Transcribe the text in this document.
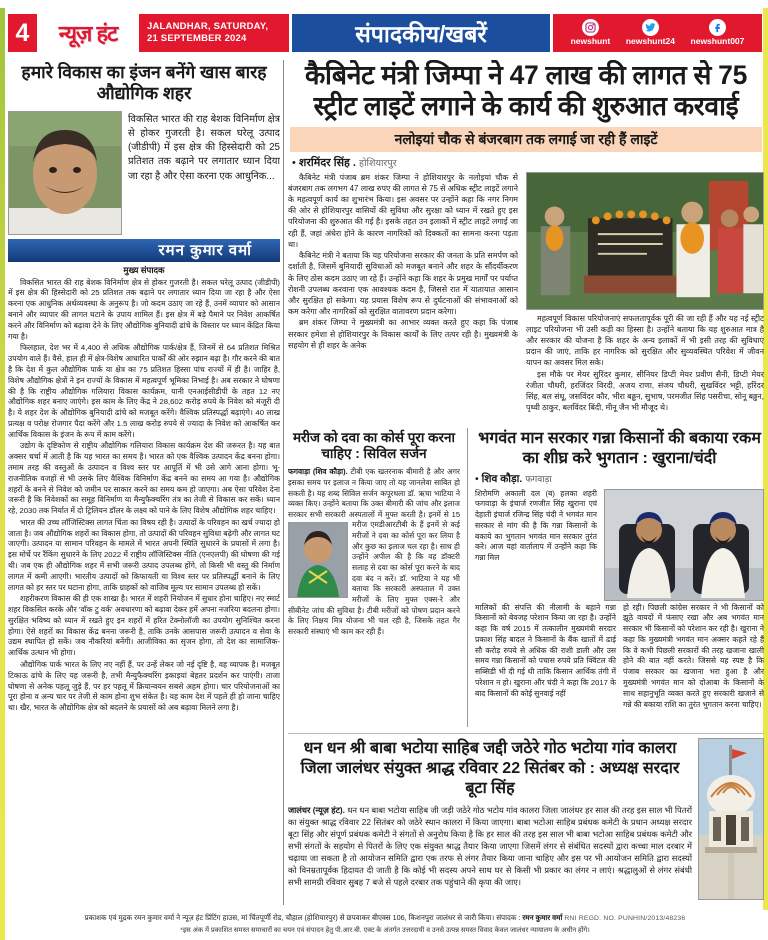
4	न्यूज़ हंट	JALANDHAR, SATURDAY,
21 SEPTEMBER 2024	संपादकीय/खबरें	newshunt newshunt24 newshunt007
हमारे विकास का इंजन बनेंगे खास बारह औद्योगिक शहर
विकसित भारत की राह बेशक विनिर्माण क्षेत्र से होकर गुजरती है। सकल घरेलू उत्पाद (जीडीपी) में इस क्षेत्र की हिस्सेदारी को 25 प्रतिशत तक बढ़ाने पर लगातार ध्यान दिया जा रहा है और ऐसा करना एक आधुनिक...
रमन कुमार वर्मा
मुख्य संपादक

विकसित भारत की राह बेशक विनिर्माण क्षेत्र से होकर गुजरती है। सकल घरेलू उत्पाद (जीडीपी) में इस क्षेत्र की हिस्सेदारी को 25 प्रतिशत तक बढ़ाने पर लगातार ध्यान दिया जा रहा है और ऐसा करना एक आधुनिक अर्थव्यवस्था के अनुरूप है। जो कदम उठाए जा रहे हैं, उनमें व्यापार को आसान बनाने और व्यापार की लागत घटाने के उपाय शामिल हैं। इस क्षेत्र में बड़े पैमाने पर निवेश आकर्षित करने और विनिर्माण को बढ़ावा देने के लिए औद्योगिक बुनियादी ढांचे के विस्तार पर ध्यान केंद्रित किया गया है।

फिलहाल, देश भर में 4,400 से अधिक औद्योगिक पार्क/क्षेत्र हैं, जिनमें से 64 प्रतिशत मिश्रित उपयोग वाले हैं। वैसे, हाल ही में क्षेत्र-विशेष आधारित पार्कों की ओर रुझान बढ़ा है। गौर करने की बात है कि देश में कुल औद्योगिक पार्क या क्षेत्र का 75 प्रतिशत हिस्सा पांच राज्यों में ही है। जाहिर है, विशेष औद्योगिक क्षेत्रों ने इन राज्यों के विकास में महत्वपूर्ण भूमिका निभाई है। अब सरकार ने घोषणा की है कि राष्ट्रीय औद्योगिक गलियारा विकास कार्यक्रम, यानी एनआईसीडीपी के तहत 12 नए औद्योगिक शहर बनाए जाएंगे। इस काम के लिए केंद्र ने 28,602 करोड़ रुपये के निवेश को मंजूरी दी है। ये शहर देश के औद्योगिक बुनियादी ढांचे को मजबूत करेंगे। वैश्विक प्रतिस्पर्द्धा बढ़ाएंगे। 40 लाख प्रत्यक्ष व परोक्ष रोजगार पैदा करेंगे और 1.5 लाख करोड़ रुपये से ज्यादा के निवेश को आकर्षित कर आर्थिक विकास के इंजन के रूप में काम करेंगे।

उद्योग के दृष्टिकोण से राष्ट्रीय औद्योगिक गलियारा विकास कार्यक्रम देश की जरूरत है। यह बात अक्सर चर्चा में आती है कि यह भारत का समय है। भारत को एक वैश्विक उत्पादन केंद्र बनना होगा। तमाम तरह की वस्तुओं के उत्पादन व विश्व स्तर पर आपूर्ति में भी उसे आगे आना होगा। भू-राजनीतिक वजहों से भी उसके लिए वैश्विक विनिर्माण केंद्र बनने का समय आ गया है। औद्योगिक शहरों के बनने से निवेश को जमीन पर साकार करने का समय कम हो जाएगा। अब ऐसा परिवेश देना जरूरी है कि निवेशकों का समूह विनिर्माण या मैन्युफैक्चरिंग तंत्र का तेजी से विकास कर सकें। ध्यान रहे, 2030 तक निर्यात में दो ट्रिलियन डॉलर के लक्ष्य को पाने के लिए विशेष औद्योगिक शहर चाहिए।

भारत की उच्च लॉजिस्टिक्स लागत चिंता का विषय रही है। उत्पादों के परिवहन का खर्च ज्यादा हो जाता है। जब औद्योगिक शहरों का विकास होगा, तो उत्पादों की परिवहन सुविधा बढ़ेगी और लागत घट जाएगी। उत्पादन या सामान परिवहन के मामले में भारत अपनी स्थिति सुधारने के प्रयासों में लगा है। इस मोर्चे पर रैंकिंग सुधारने के लिए 2022 में राष्ट्रीय लॉजिस्टिक्स नीति (एनएलपी) की घोषणा की गई थी। जब एक ही औद्योगिक शहर में सभी जरूरी उत्पाद उपलब्ध होंगे, तो किसी भी वस्तु की निर्माण लागत में कमी आएगी। भारतीय उत्पादों को किफायती या विश्व स्तर पर प्रतिस्पर्द्धी बनाने के लिए लागत को हर स्तर पर घटाना होगा, ताकि ग्राहकों को वाजिब मूल्य पर सामान उपलब्ध हो सकें।

शहरीकरण विकास की ही एक शाखा है। भारत में शहरी नियोजन में सुधार होना चाहिए। नए स्मार्ट शहर विकसित करके और 'वॉक टु वर्क' अवधारणा को बढ़ावा देकर हमें अपना नजरिया बदलना होगा। सुरक्षित भविष्य को ध्यान में रखते हुए इन शहरों में हरित टेक्नोलॉजी का उपयोग सुनिश्चित करना होगा। ऐसे शहरों का विकास केंद्र बनना जरूरी है, ताकि उनके आसपास जरूरी उत्पादन व सेवा के उद्यम स्थापित हो सकें। जब नौकरियां बनेंगी। आजीविका का सृजन होगा, तो देश का सामाजिक-आर्थिक उत्थान भी होगा।

औद्योगिक पार्क भारत के लिए नए नहीं हैं, पर उन्हें लेकर जो नई दृष्टि है, वह व्यापक है। मजबूत टिकाऊ ढांचे के लिए यह जरूरी है, तभी मैन्युफैक्चरिंग इकाइयां बेहतर प्रदर्शन कर पाएंगी। ताजा घोषणा से अनेक पहलू जुड़े हैं, पर हर पहलू में क्रियान्वयन सबसे अहम होगा। चार परियोजनाओं का पूरा होना व अन्य चार पर तेजी से काम होना शुभ संकेत है। यह काम देश में पहले ही हो जाना चाहिए था। खैर, भारत के औद्योगिक क्षेत्र को बदलने के प्रयासों को अब बढ़ावा मिलने लगा है।

कैबिनेट मंत्री जिम्पा ने 47 लाख की लागत से 75 स्ट्रीट लाइटें लगाने के कार्य की शुरुआत करवाई
नलोइयां चौक से बंजरबाग तक लगाई जा रही हैं लाइटें
• शरमिंदर सिंह . होशियारपुर

कैबिनेट मंत्री पंजाब ब्रम शंकर जिम्पा ने होशियारपुर के नलोइयां चौक से बंजरबाग तक लगभग 47 लाख रुपए की लागत से 75 से अधिक स्ट्रीट लाइटें लगाने के महत्वपूर्ण कार्य का शुभारंभ किया। इस अवसर पर उन्होंने कहा कि नगर निगम की ओर से होशियारपुर वासियों की सुविधा और सुरक्षा को ध्यान में रखते हुए इस परियोजना की शुरुआत की गई है। इसके तहत उन इलाकों में स्ट्रीट लाइटें लगाई जा रही हैं, जहां अंधेरा होने के कारण नागरिकों को दिक्कतों का सामना करना पड़ता था।

कैबिनेट मंत्री ने बताया कि यह परियोजना सरकार की जनता के प्रति समर्पण को दर्शाती है, जिसमें बुनियादी सुविधाओं को मजबूत बनाने और शहर के सौंदर्यीकरण के लिए ठोस कदम उठाए जा रहे हैं। उन्होंने कहा कि शहर के प्रमुख मार्गों पर पर्याप्त रोशनी उपलब्ध करवाना एक आवश्यक कदम है, जिससे रात में यातायात आसान और सुरक्षित हो सकेगा। यह प्रयास विशेष रूप से दुर्घटनाओं की संभावनाओं को कम करेगा और नागरिकों को सुरक्षित वातावरण प्रदान करेगा।

ब्रम शंकर जिम्पा ने मुख्यमंत्री का आभार व्यक्त करते हुए कहा कि पंजाब सरकार हमेशा से होशियारपुर के विकास कार्यों के लिए तत्पर रही है। मुख्यमंत्री के सहयोग से ही शहर के अनेक

महत्वपूर्ण विकास परियोजनाएं सफलतापूर्वक पूरी की जा रही हैं और यह नई स्ट्रीट लाइट परियोजना भी उसी कड़ी का हिस्सा है। उन्होंने बताया कि यह शुरुआत मात्र है और सरकार की योजना है कि शहर के अन्य इलाकों में भी इसी तरह की सुविधाएं प्रदान की जाएं, ताकि हर नागरिक को सुरक्षित और सुव्यवस्थित परिवेश में जीवन यापन का अवसर मिल सके।

इस मौके पर मेयर सुरिंदर कुमार, सीनियर डिप्टी मेयर प्रवीण सैनी, डिप्टी मेयर रंजीता चौधरी, हरजिंदर विरदी, अजय राणा, संजय चौधरी, सुखविंदर भट्टी, हरिंदर सिंह, बल संधू, जसविंदर कौर, भीरा बढ्ढन, सुभाष, परमजीत सिंह पसरीचा, सोनू बढ्ढन, पृथ्वी ठाकुर, बलविंदर बिंदी, मीनू जैन भी मौजूद थे।

मरीज को दवा का कोर्स पूरा करना चाहिए : सिविल सर्जन
फगवाड़ा (शिव कौड़ा). टीबी एक खतरनाक बीमारी है और अगर इसका समय पर इलाज न किया जाए तो यह जानलेवा साबित हो सकती है। यह शब्द सिविल सर्जन कपूरथला डॉ. ऋचा भाटिया ने व्यक्त किए। उन्होंने बताया कि उक्त बीमारी की जांच और इलाज सरकार सभी सरकारी अस्पतालों में मुफ्त करती है। इनमें से 15 मरीज एमडीआरटीबी के हैं इनमें से कई मरीजों ने दवा का कोर्स पूरा कर लिया है और कुछ का इलाज चल रहा है। साथ ही उन्होंने अपील की है कि वह डॉक्टरी सलाह से दवा का कोर्स पूरा करने के बाद दवा बंद न करें। डॉ. भाटिया ने यह भी बताया कि सरकारी अस्पताल में उक्त मरीजों के लिए मुफ्त एक्स-रे और सीबीनेट जांच की सुविधा है। टीबी मरीजों को पोषण प्रदान करने के लिए निक्षय मित्र योजना भी चल रही है, जिसके तहत गैर सरकारी संस्थाएं भी काम कर रही हैं।
भगवंत मान सरकार गन्ना किसानों की बकाया रकम का शीघ्र करे भुगतान : खुराना/चंदी
• शिव कौड़ा. फगवाड़ा
शिरोमणि अकाली दल (ब) हलका शहरी फगवाड़ा के इंचार्ज रणजीत सिंह खुराना एवं देहाती इंचार्ज रजिन्द्र सिंह चंदी ने भगवंत मान सरकार से मांग की है कि गन्ना किसानों के बकाये का भुगतान भगवंत मान सरकार तुरंत करे। आज यहां वार्तालाप में उन्होंने कहा कि गन्ना मिल
मालिकों की संपत्ति की नीलामी के बहाने गन्ना किसानों को बेवजह परेशान किया जा रहा है। उन्होंने कहा कि वर्ष 2015 में तत्कालीन मुख्यमंत्री सरदार प्रकाश सिंह बादल ने किसानों के बैंक खातों में ढाई सौ करोड़ रुपये से अधिक की राशी डाली और उस समय गन्ना किसानों को पचास रुपये प्रति क्विंटल की सब्सिडी भी दी गई थी ताकि किसान आर्थिक तंगी में परेशान न हो। खुराना और चंदी ने कहा कि 2017 के बाद किसानों की कोई सुनवाई नहीं
हो रही। पिछली कांग्रेस सरकार ने भी किसानों को झूठे वायदों में फंसाए रखा और अब भगवंत मान सरकार भी किसानों को परेशान कर रही है। खुराना ने कहा कि मुख्यमंत्री भगवंत मान अक्सर कहते रहे हैं कि वे कभी पिछली सरकारों की तरह खजाना खाली होने की बात नहीं करते। जिससे यह स्पष्ट है कि पंजाब सरकार का खजाना भरा हुआ है और मुख्यमंत्री भगवंत मान को दोआबा के किसानों के साथ सहानुभूति व्यक्त करते हुए सरकारी खजाने से गन्ने की बकाया राशि का तुरंत भुगतान करना चाहिए।
धन धन श्री बाबा भटोया साहिब जद्दी जठेरे गोठ भटोया गांव कालरा जिला जालंधर संयुक्त श्राद्ध रविवार 22 सितंबर को : अध्यक्ष सरदार बूटा सिंह
जालंधर (न्यूज़ हंट). धन धन बाबा भटोया साहिब जी जड़ी जठेरे गोठ भटोय गांव कालरा जिला जालंधर हर साल की तरह इस साल भी पितरों का संयुक्त श्राद्ध रविवार 22 सितंबर को जठेरे स्थान कालरा में किया जाएगा। बाबा भटोआ साहिब प्रबंधक कमेटी के प्रधान अध्यक्ष सरदार बूटा सिंह और संपूर्ण प्रबंधक कमेटी ने संगतों से अनुरोध किया है कि हर साल की तरह इस साल भी बाबा भटोआ साहिब प्रबंधक कमेटी और सभी संगतों के सहयोग से पितरों के लिए एक संयुक्त श्राद्ध तैयार किया जाएगा जिसमें लंगर से संबंधित सदस्यों द्वारा कच्चा माल दरबार में चढ़ाया जा सकता है तो आयोजन समिति द्वारा एक तरफ से लंगर तैयार किया जाना चाहिए और इस पर भी आयोजन समिति द्वारा सदस्यों को विनम्रतापूर्वक हिदायत दी जाती है कि कोई भी सदस्य अपने साथ घर से किसी भी प्रकार का लंगर न लाएं। श्रद्धालुओं से लंगर संबंधी सभी सामग्री रविवार सुबह 7 बजे से पहले दरबार तक पहुंचाने की कृपा की जाए।
प्रकाशक एवं मुद्रक रमन कुमार वर्मा ने न्यूज़ हंट प्रिंटिंग हाउस, मां चिंतपूर्णी रोड, चौहाल (होशियारपुर) से छपवाकर बीएक्स 106, किशनपुरा जालंधर से जारी किया। संपादक : रमन कुमार वर्मा RNI REGD. NO. PUNHIN/2013/48236
*इस अंक में प्रकाशित समस्त समाचारों का चयन एवं संपादन हेतु पी.आर.बी. एक्ट के अंतर्गत उत्तरदायी व उनसे उत्पन्न समस्त विवाद केवल जालंधर न्यायालय के अधीन होंगे।
